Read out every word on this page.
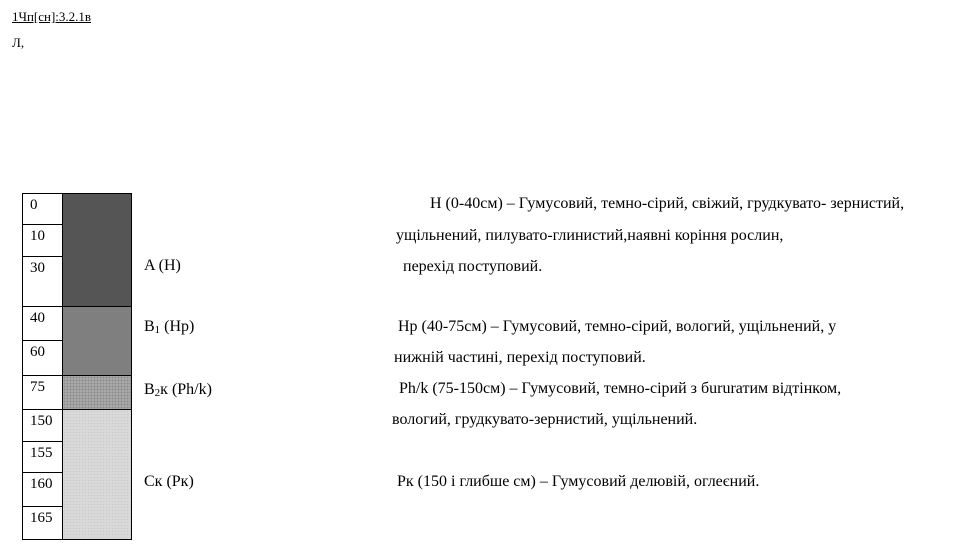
1Чп[сн]:3.2.1в
Л,
0
10
30
40
60
75
150
155
160
165
A (H)
$B_1$ (Hp)
$B_2к$ (Ph/k)
Ск (Рк)
H (0-40см) – Гумусовий, темно-сірий, свіжий, грудкувато- зернистий,
ущільнений, пилувато-глинистий,наявні коріння рослин,
перехід поступовий.
Hp (40-75см) – Гумусовий, темно-сірий, вологий, ущільнений, у
нижній частині, перехід поступовий.
Ph/k (75-150см) – Гумусовий, темно-сірий з бururатим відтінком,
вологий, грудкувато-зернистий, ущільнений.
Рк (150 і глибше см) – Гумусовий делювій, оглеєний.
